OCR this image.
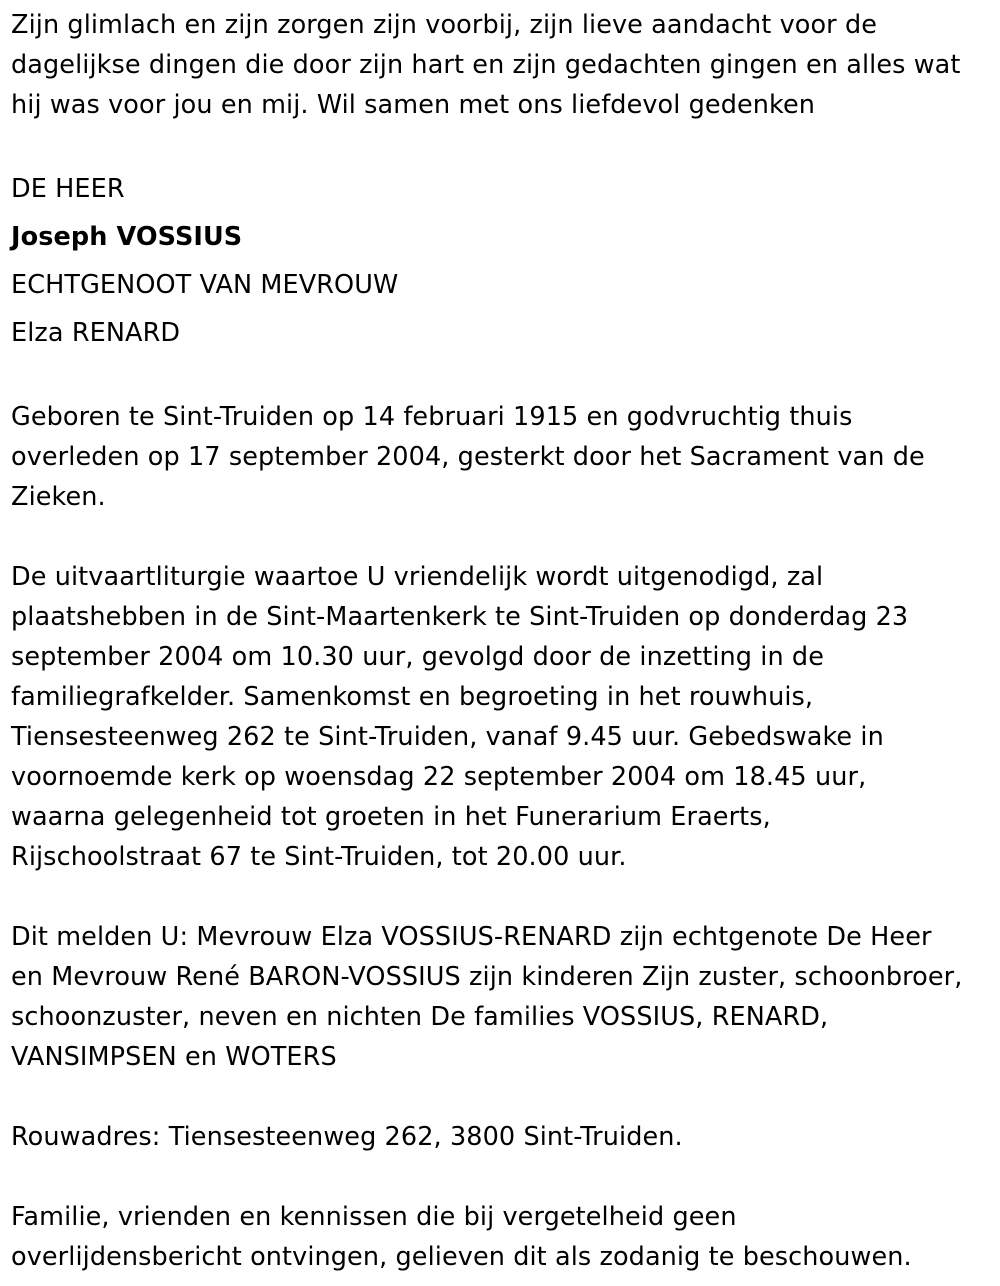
Zijn glimlach en zijn zorgen zijn voorbij, zijn lieve aandacht voor de
dagelijkse dingen die door zijn hart en zijn gedachten gingen en alles wat
hij was voor jou en mij. Wil samen met ons liefdevol gedenken

DE HEER

Joseph VOSSIUS

ECHTGENOOT VAN MEVROUW

Elza RENARD

Geboren te Sint-Truiden op 14 februari 1915 en godvruchtig thuis
overleden op 17 september 2004, gesterkt door het Sacrament van de
Zieken.

De uitvaartliturgie waartoe U vriendelijk wordt uitgenodigd, zal
plaatshebben in de Sint-Maartenkerk te Sint-Truiden op donderdag 23
september 2004 om 10.30 uur, gevolgd door de inzetting in de
familiegrafkelder. Samenkomst en begroeting in het rouwhuis,
Tiensesteenweg 262 te Sint-Truiden, vanaf 9.45 uur. Gebedswake in
voornoemde kerk op woensdag 22 september 2004 om 18.45 uur,
waarna gelegenheid tot groeten in het Funerarium Eraerts,
Rijschoolstraat 67 te Sint-Truiden, tot 20.00 uur.

Dit melden U: Mevrouw Elza VOSSIUS-RENARD zijn echtgenote De Heer
en Mevrouw René BARON-VOSSIUS zijn kinderen Zijn zuster, schoonbroer,
schoonzuster, neven en nichten De families VOSSIUS, RENARD,
VANSIMPSEN en WOTERS

Rouwadres: Tiensesteenweg 262, 3800 Sint-Truiden.

Familie, vrienden en kennissen die bij vergetelheid geen
overlijdensbericht ontvingen, gelieven dit als zodanig te beschouwen.
